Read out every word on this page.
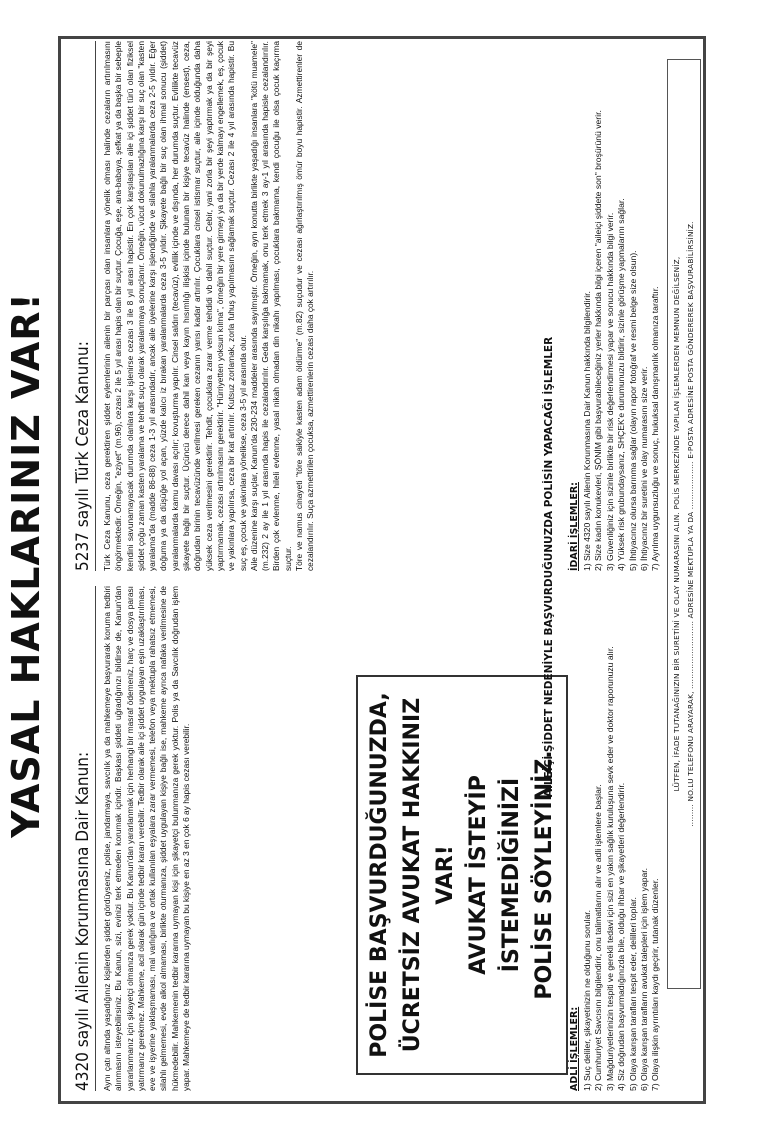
YASAL HAKLARINIZ VAR!
4320 sayılı Ailenin Korunmasına Dair Kanun:	Aynı çatı altında yaşadığınız kişilerden şiddet gördüyseniz, polise, jandarmaya, savcılık ya da mahkemeye başvurarak koruma tedbiri alınmasını isteyebilirsiniz. Bu Kanun, sizi, evinizi terk etmeden korumak içindir. Başkası şiddeti uğradığınızı bildirse de, Kanun'dan yararlanmanız için şikayetçi olmanıza gerek yoktur. Bu Kanun'dan yararlanmak için herhangi bir masraf ödemeniz, harç ve dosya parası yatırmanız gerekmez. Mahkeme, acil olarak gün içinde tedbir kararı verebilir. Tedbir olarak aile içi şiddet uygulayan eşin uzaklaştırılması, eve ve işyerine yaklaşmaması, mal varlığına ve ortak kullanılan eşyalara zarar vermemesi, telefon veya mektupla rahatsız etmemesi, silahlı gelmemesi, evde alkol almaması, birlikte oturmanıza, şiddet uygulayan kişiye bağlı ise, mahkeme ayrıca nafaka verilmesine de hükmedebilir. Mahkemenin tedbir kararına uymayan kişi için şikayetçi bulunmanıza gerek yoktur. Polis ya da Savcılık doğrudan işlem yapar. Mahkemeye de tedbir kararına uymayan bu kişiye en az 3 en çok 6 ay hapis cezası verebilir.	POLİSE BAŞVURDUĞUNUZDA, ÜCRETSİZ AVUKAT HAKKINIZ VAR! AVUKAT İSTEYİP İSTEMEDİĞİNİZİ POLİSE SÖYLEYİNİZ.
5237 sayılı Türk Ceza Kanunu:	Türk Ceza Kanunu, ceza gerektiren şiddet eylemlerinin ailenin bir parçası olan insanlara yönelik olması halinde cezaların artırılmasını öngörmektedir. Örneğin, "eziyet" (m.96), cezası 2 ile 5 yıl arası hapis olan bir suçtur. Çocuğa, eşe, ana-babaya, şefkat ya da başka bir sebeple kendini savunamayacak durumda olanlara karşı işlenirse cezası 3 ile 8 yıl arası hapistir. En çok karşılaşılan aile içi şiddet türü olan fiziksel şiddet çoğu zaman kasten yaralama ve tehdit suçu olarak yaralanmaya sonuçlanır. Örneğin, vücut dokunulmazlığına karşı bir suç olan "kasten yaralama"da (madde 86-88) ceza 1-3 yıl arasındadır, ancak aile üyelerine karşı işlendiğinde ve silahla yaralanmalarda ceza 2-5 yıldır. Eğer doğuma ya da düşüğe yol açan, yüzde kalıcı iz bırakan yaralanmalarda ceza 3-5 yıldır. Şikayete bağlı bir suç olan ihmal sonucu (şiddet) yaralanmalarda kamu davası açılır; kovuşturma yapılır. Cinsel saldırı (tecavüz), evlilik içinde ve dışında, her durumda suçtur. Evlilikte tecavüz şikayete bağlı bir suçtur. Üçüncü derece dahil kan veya kayın hısımlığı ilişkisi içinde bulunan bir kişiye tecavüz halinde (ensest), ceza, doğrudan birinin tecavüzünde verilmesi gereken cezanın yarısı kadar artırılır. Çocuklara cinsel istismar suçtur, aile içinde olduğunda daha yüksek ceza verilmesini gerektirir. Tehdit, çocuklara zarar verme tehdidi vb dahil suçtur. Cebir, yani zorla bir şeyi yaptırmak ya da bir şeyi yaptırmamak, cezası artırılmasını gerektirir. "Hürriyetten yoksun kılma", örneğin bir yere girmeyi ya da bir yerde kalmayı engellemek, eş, çocuk ve yakınlara yapılırsa, ceza bir kat artırılır. Kutsuz zorlamak, zorla fuhuş yapılmasını sağlamak suçtur. Cezası 2 ile 4 yıl arasında hapistir. Bu suç eş, çocuk ve yakınlara yönelikse, ceza 3-5 yıl arasında olur.
Aile düzenine karşı suçlar, Kanun'da 230-234 maddeler arasında sayılmıştır. Örneğin, aynı konutta birlikte yaşadığı insanlara "kötü muamele" (m.232) 2 ay ile 1 yıl arasında hapis ile cezalandırılır. Geda karşılığa bakmamak, onu terk etmek 3 ay-1 yıl arasında hapisle cezalandırılır. Birden çok evlenme, hileli evlenme, yasal nikah olmadan din nikahı yapılması, çocuklara bakmama, kendi çocuğu ile olsa çocuk kaçırma suçtur.
Töre ve namus cinayeti "töre saikiyle kasten adam öldürme" (m.82) suçudur ve cezası ağırlaştırılmış ömür boyu hapistir. Azmettirenler de cezalandırılır. Suça azmettirilen çocuksa, azmettirenlerin cezası daha çok artırılır.

AİLEİÇİ ŞİDDET NEDENİYLE BAŞVURDUĞUNUZDA POLİSİN YAPACAĞI İŞLEMLER
ADLİ İŞLEMLER: 1) Suç deliler, şikayetinizin ne olduğunu sorular. 2) Cumhuriyet Savcısını bilgilendirir, onu talimatlarını alır ve adli işlemlere başlar. 3) Mağduriyetlerinizin tespiti ve gerekli tedavi için sizi en yakın sağlık kuruluşuna sevk eder ve doktor raporunuzu alır. 4) Siz doğrudan başvurmadığınızda bile, olduğu ihbar ve şikayetleri değerlendirir. 5) Olaya karışan tarafları tespit eder, delilleri toplar. 6) Olaya karışan tarafların avukat talepleri için işlem yapar. 7) Olaya ilişkin ayrıntıları kaydı geçirir, tutanak düzenler.
İDARİ İŞLEMLER: 1) Size 4320 sayılı Ailenin Korunmasına Dair Kanun hakkında bilgilendirir. 2) Size kadın konukevleri, ŞÖNİM gibi başvurabileceğiniz yerler hakkında bilgi içeren "aileiçi şiddete son" broşürünü verir. 3) Güvenliğiniz için sizinle birlikte bir risk değerlendirmesi yapar ve sonucu hakkında bilgi verir. 4) Yüksek risk grubundaysanız, SHÇEK'e durumunuzu bildirir, sizinle görüşme yapmalarını sağlar. 5) İhtiyacınız olursa barınma sağlar (olayın rapor fotoğraf ve resmi belge size olsun). 6) İhtiyacınız bir suretini ve olay numarasını size verir. 7) Ayrılma uygunsuzluğu ve sonuç, hukuksal danışmanlık olmanıza taraftır. LÜTFEN, İFADE TUTANAĞINIZIN BİR SURETİNİ VE OLAY NUMARASINI ALIN. POLİS MERKEZİNDE YAPILAN İŞLEMLERDEN MEMNUN DEĞİLSENİZ, ......... NO.LU TELEFONU ARAYARAK, ........................... ADRESİNE MEKTUPLA YA DA ................... E-POSTA ADRESİNE POSTA GÖNDEREREK BAŞVURABİLİRSİNİZ.
